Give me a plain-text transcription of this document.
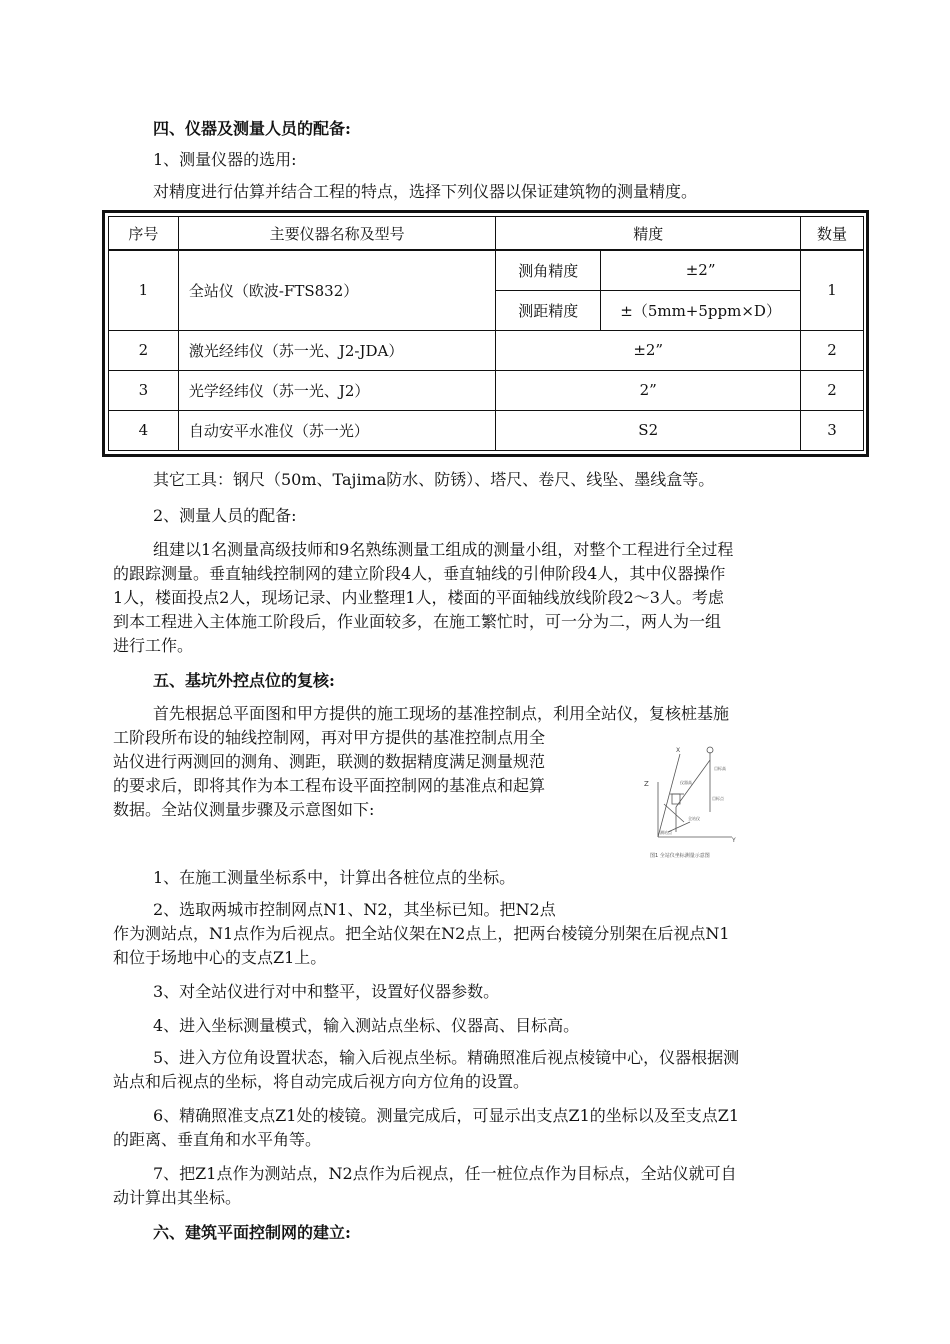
四、仪器及测量人员的配备:
1、测量仪器的选用:
对精度进行估算并结合工程的特点，选择下列仪器以保证建筑物的测量精度。
序号	主要仪器名称及型号	精度		数量
1	全站仪（欧波-FTS832）	测角精度	±2”	1
		测距精度	±（5mm+5ppm×D）	
2	激光经纬仪（苏一光、J2-JDA）	±2”		2
3	光学经纬仪（苏一光、J2）	2”		2
4	自动安平水准仪（苏一光）	S2		3
其它工具：钢尺（50m、Tajima防水、防锈）、塔尺、卷尺、线坠、墨线盒等。
2、测量人员的配备:
组建以1名测量高级技师和9名熟练测量工组成的测量小组，对整个工程进行全过程
的跟踪测量。垂直轴线控制网的建立阶段4人，垂直轴线的引伸阶段4人，其中仪器操作
1人，楼面投点2人，现场记录、内业整理1人，楼面的平面轴线放线阶段2～3人。考虑
到本工程进入主体施工阶段后，作业面较多，在施工繁忙时，可一分为二，两人为一组
进行工作。
五、基坑外控点位的复核:
首先根据总平面图和甲方提供的施工现场的基准控制点，利用全站仪，复核桩基施
工阶段所布设的轴线控制网，再对甲方提供的基准控制点用全
站仪进行两测回的测角、测距，联测的数据精度满足测量规范
的要求后，即将其作为本工程布设平面控制网的基准点和起算
数据。全站仪测量步骤及示意图如下:
X
Y
Z
目标高
目标点
仪器高
测站点
全站仪
图1 全站仪坐标测量示意图
1、在施工测量坐标系中，计算出各桩位点的坐标。
2、选取两城市控制网点N1、N2，其坐标已知。把N2点
作为测站点，N1点作为后视点。把全站仪架在N2点上，把两台棱镜分别架在后视点N1
和位于场地中心的支点Z1上。
3、对全站仪进行对中和整平，设置好仪器参数。
4、进入坐标测量模式，输入测站点坐标、仪器高、目标高。
5、进入方位角设置状态，输入后视点坐标。精确照准后视点棱镜中心，仪器根据测
站点和后视点的坐标，将自动完成后视方向方位角的设置。
6、精确照准支点Z1处的棱镜。测量完成后，可显示出支点Z1的坐标以及至支点Z1
的距离、垂直角和水平角等。
7、把Z1点作为测站点，N2点作为后视点，任一桩位点作为目标点，全站仪就可自
动计算出其坐标。
六、建筑平面控制网的建立:
